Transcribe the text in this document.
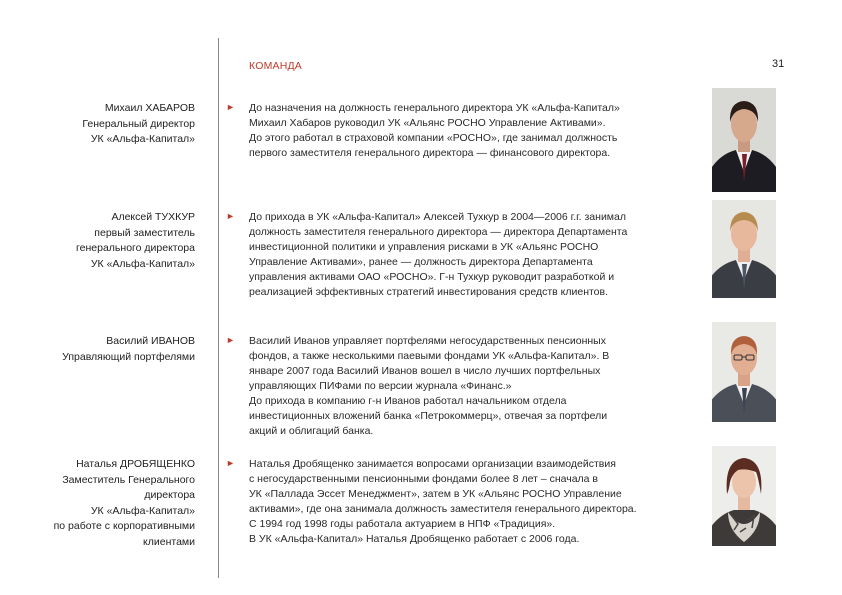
КОМАНДА	31
Михаил ХАБАРОВ
Генеральный директор
УК «Альфа-Капитал»
► До назначения на должность генерального директора УК «Альфа-Капитал»
Михаил Хабаров руководил УК «Альянс РОСНО Управление Активами».
До этого работал в страховой компании «РОСНО», где занимал должность
первого заместителя генерального директора — финансового директора.
Алексей ТУХКУР
первый заместитель
генерального директора
УК «Альфа-Капитал»
► До прихода в УК «Альфа-Капитал» Алексей Тухкур в 2004—2006 г.г. занимал
должность заместителя генерального директора — директора Департамента
инвестиционной политики и управления рисками в УК «Альянс РОСНО
Управление Активами», ранее — должность директора Департамента
управления активами ОАО «РОСНО». Г-н Тухкур руководит разработкой и
реализацией эффективных стратегий инвестирования средств клиентов.
Василий ИВАНОВ
Управляющий портфелями
► Василий Иванов управляет портфелями негосударственных пенсионных
фондов, а также несколькими паевыми фондами УК «Альфа-Капитал». В
январе 2007 года Василий Иванов вошел в число лучших портфельных
управляющих ПИФами по версии журнала «Финанс.»
До прихода в компанию г-н Иванов работал начальником отдела
инвестиционных вложений банка «Петрокоммерц», отвечая за портфели
акций и облигаций банка.
Наталья ДРОБЯЩЕНКО
Заместитель Генерального
директора
УК «Альфа-Капитал»
по работе с корпоративными
клиентами
► Наталья Дробященко занимается вопросами организации взаимодействия
с негосударственными пенсионными фондами более 8 лет – сначала в
УК «Паллада Эссет Менеджмент», затем в УК «Альянс РОСНО Управление
активами», где она занимала должность заместителя генерального директора.
С 1994 год 1998 годы работала актуарием в НПФ «Традиция».
В УК «Альфа-Капитал» Наталья Дробященко работает с 2006 года.
